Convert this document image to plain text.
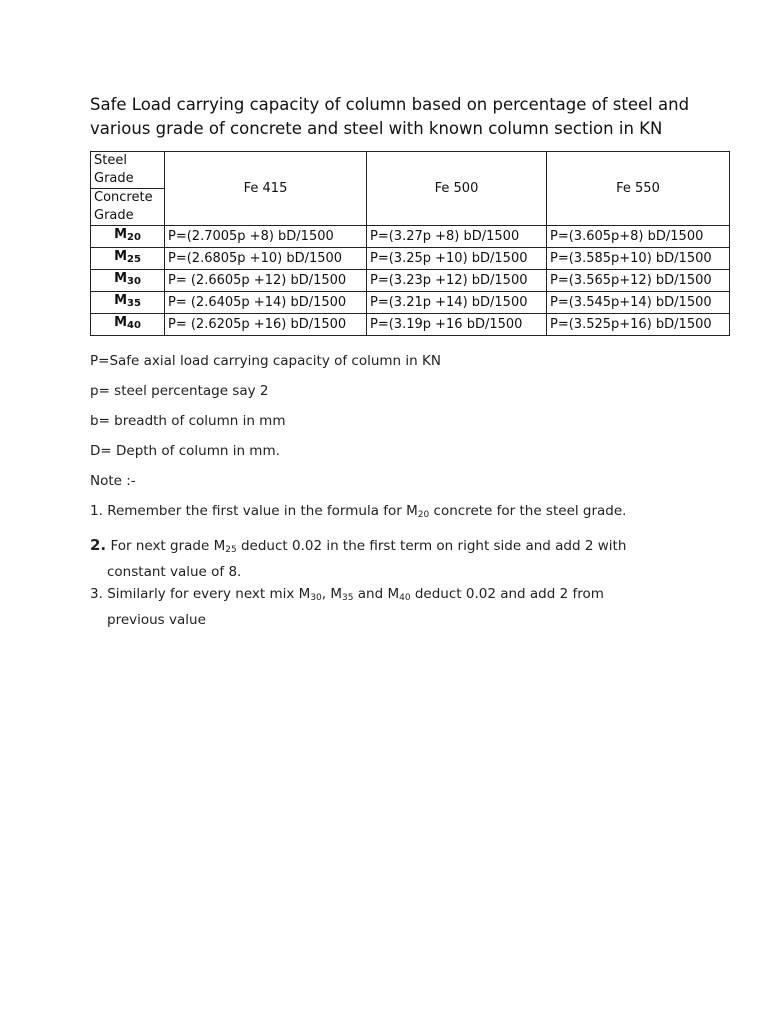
Safe Load carrying capacity of column based on percentage of steel and
various grade of concrete and steel with known column section in KN
Steel
Grade	Fe 415	Fe 500	Fe 550

Concrete
Grade			

$M_{20}$	P=(2.7005p +8) bD/1500	P=(3.27p +8) bD/1500	P=(3.605p+8) bD/1500
$M_{25}$	P=(2.6805p +10) bD/1500	P=(3.25p +10) bD/1500	P=(3.585p+10) bD/1500
$M_{30}$	P= (2.6605p +12) bD/1500	P=(3.23p +12) bD/1500	P=(3.565p+12) bD/1500
$M_{35}$	P= (2.6405p +14) bD/1500	P=(3.21p +14) bD/1500	P=(3.545p+14) bD/1500
$M_{40}$	P= (2.6205p +16) bD/1500	P=(3.19p +16 bD/1500	P=(3.525p+16) bD/1500

P=Safe axial load carrying capacity of column in KN

p= steel percentage say 2

b= breadth of column in mm

D= Depth of column in mm.

Note :-

1. Remember the first value in the formula for $M_{20}$ concrete for the steel grade.

2. For next grade $M_{25}$ deduct 0.02 in the first term on right side and add 2 with

constant value of 8.

3. Similarly for every next mix $M_{30}$, $M_{35}$ and $M_{40}$ deduct 0.02 and add 2 from

previous value
